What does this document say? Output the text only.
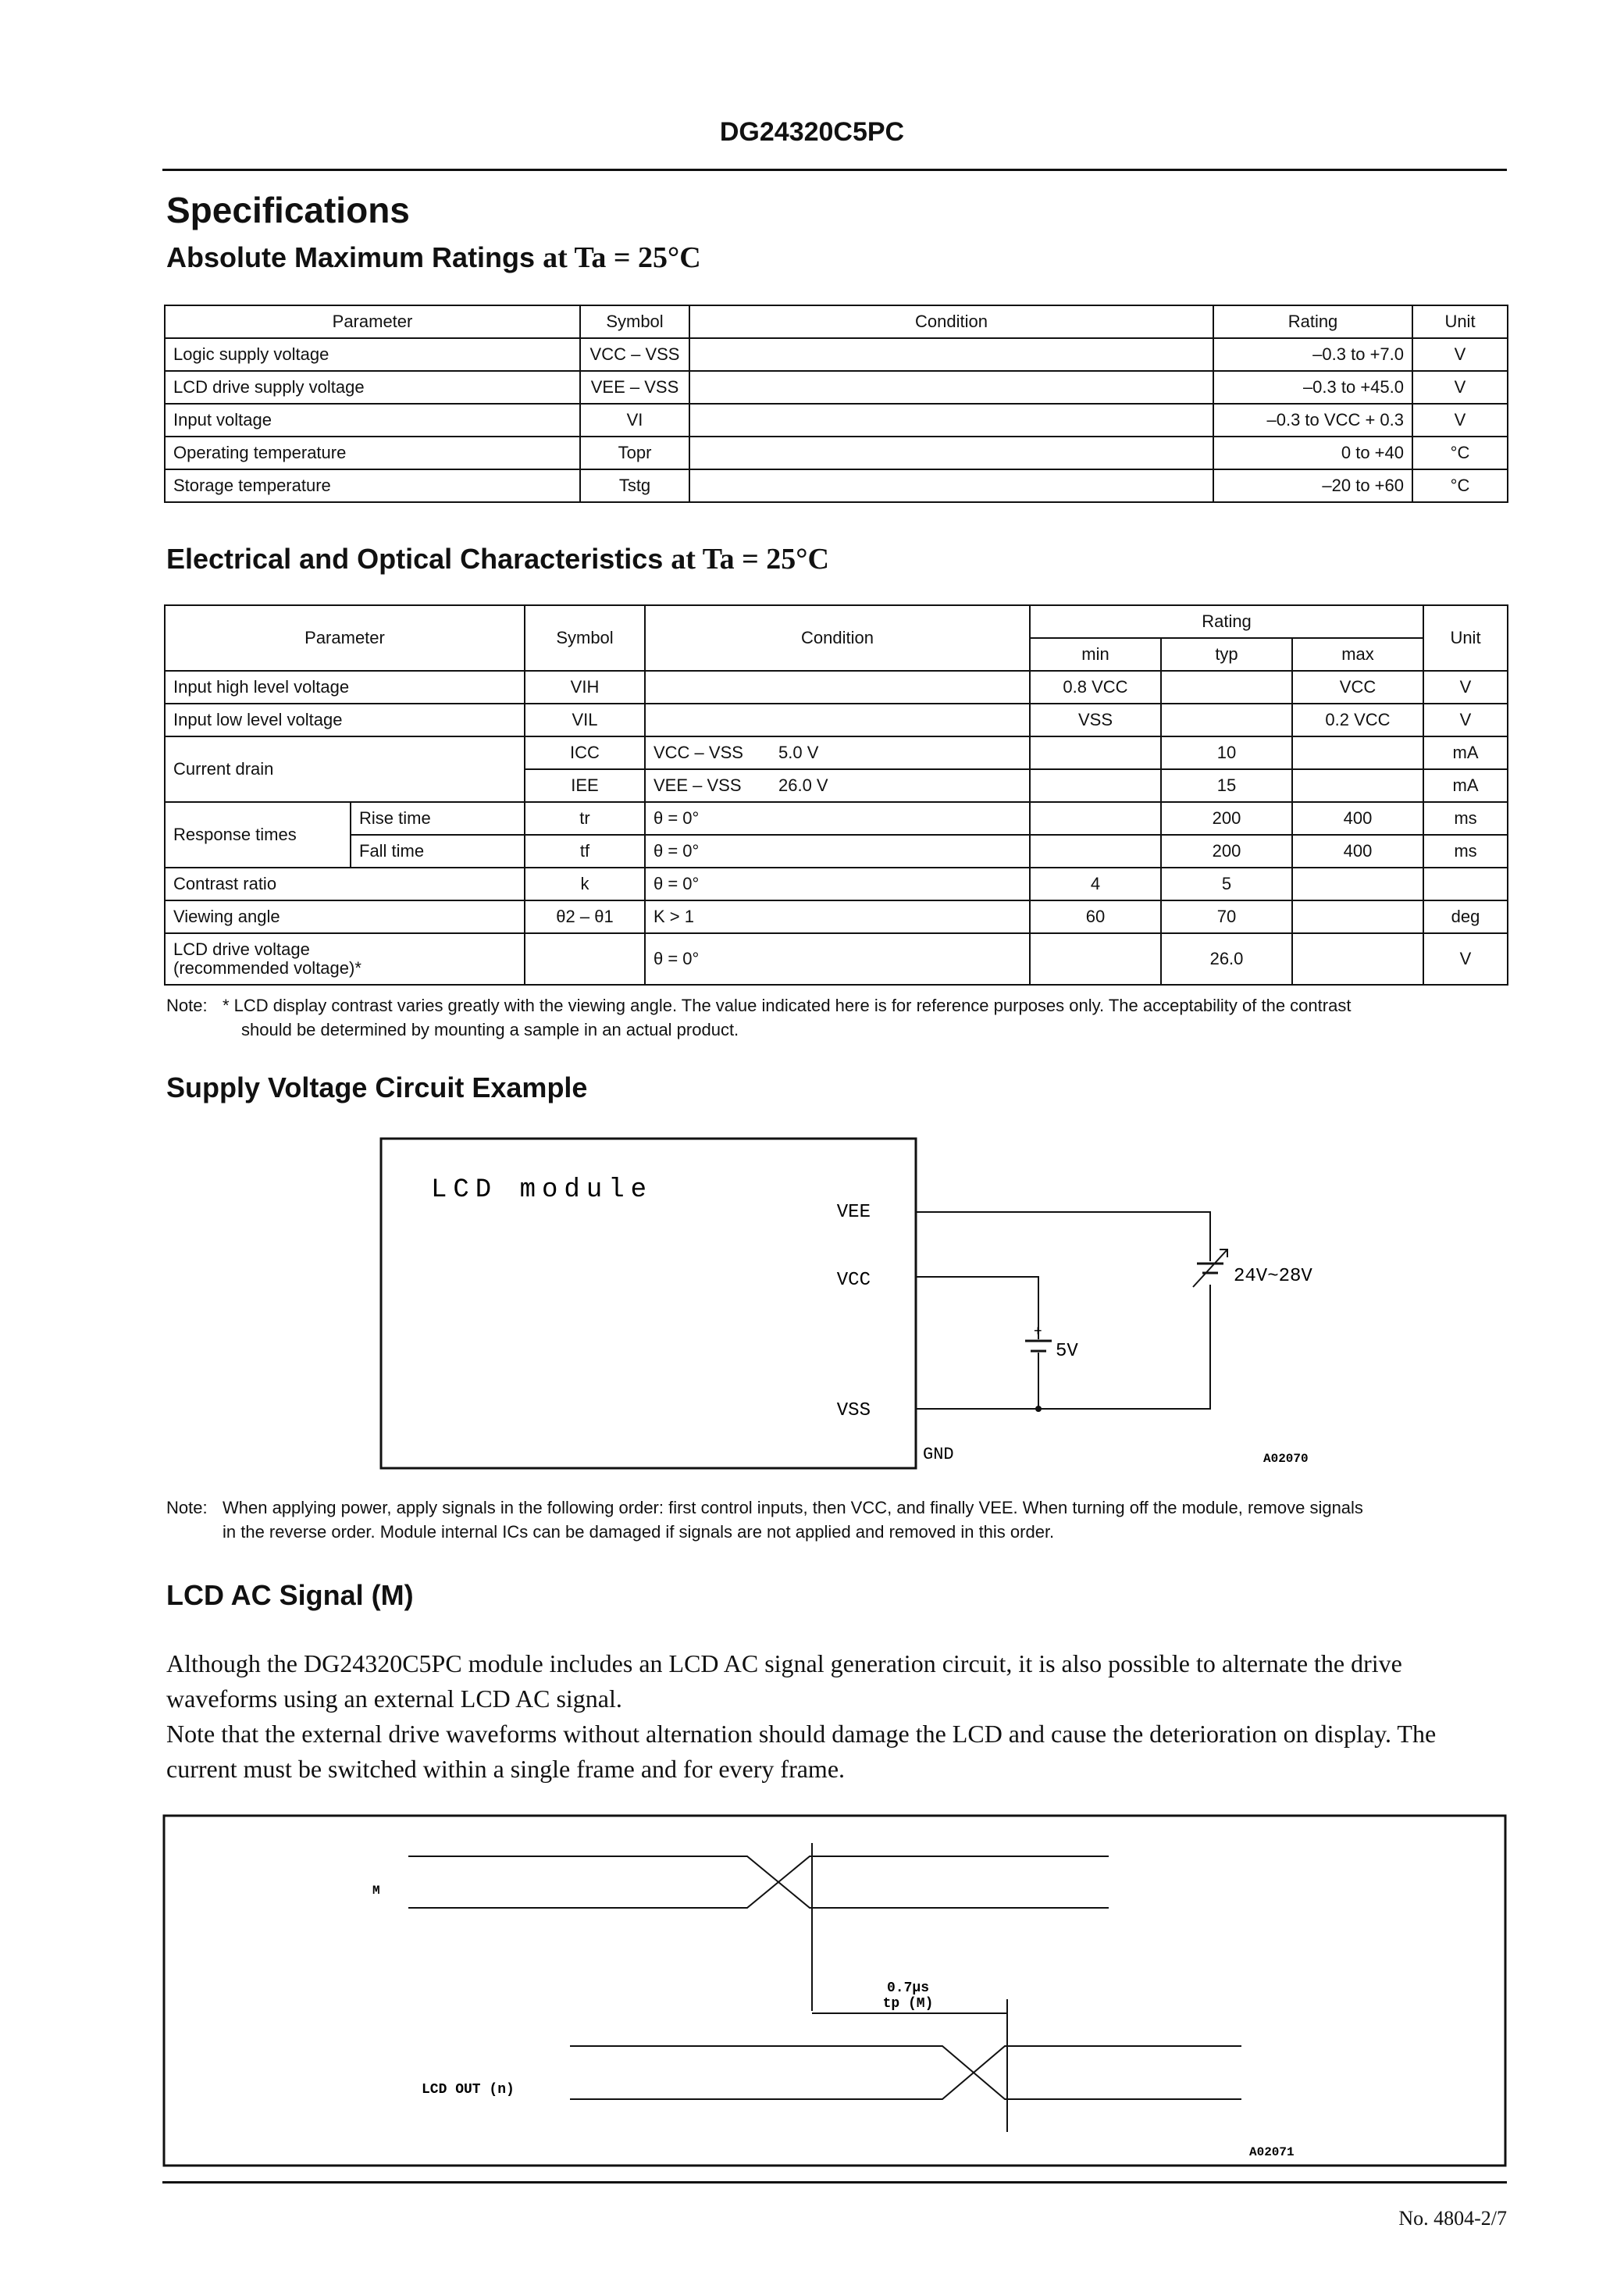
DG24320C5PC
Specifications
Absolute Maximum Ratings at Ta = 25°C
Parameter	Symbol	Condition	Rating	Unit
Logic supply voltage	VCC – VSS		–0.3 to +7.0	V
LCD drive supply voltage	VEE – VSS		–0.3 to +45.0	V
Input voltage	VI		–0.3 to VCC + 0.3	V
Operating temperature	Topr		0 to +40	°C
Storage temperature	Tstg		–20 to +60	°C
Electrical and Optical Characteristics at Ta = 25°C
Parameter		Symbol	Condition	Rating			Unit
				min	typ	max	
Input high level voltage		VIH		0.8 VCC		VCC	V
Input low level voltage		VIL		VSS		0.2 VCC	V
Current drain		ICC	VCC – VSS 5.0 V		10		mA
		IEE	VEE – VSS 26.0 V		15		mA
Response times	Rise time	tr	θ = 0°		200	400	ms
	Fall time	tf	θ = 0°		200	400	ms
Contrast ratio		k	θ = 0°	4	5		
Viewing angle		θ2 – θ1	K > 1	60	70		deg

LCD drive voltage
(recommended voltage)*			θ = 0°		26.0		V
Note: * LCD display contrast varies greatly with the viewing angle. The value indicated here is for reference purposes only. The acceptability of the contrast
should be determined by mounting a sample in an actual product.
Supply Voltage Circuit Example
LCD module
VEE
VCC
VSS
+
5V
24V~28V
GND	A02070
Note: When applying power, apply signals in the following order: first control inputs, then VCC, and finally VEE. When turning off the module, remove signals
in the reverse order. Module internal ICs can be damaged if signals are not applied and removed in this order.
LCD AC Signal (M)
Although the DG24320C5PC module includes an LCD AC signal generation circuit, it is also possible to alternate the drive waveforms using an external LCD AC signal.
Note that the external drive waveforms without alternation should damage the LCD and cause the deterioration on display. The current must be switched within a single frame and for every frame.
M
0.7μs
tp (M)
LCD OUT (n)
A02071
No. 4804-2/7
